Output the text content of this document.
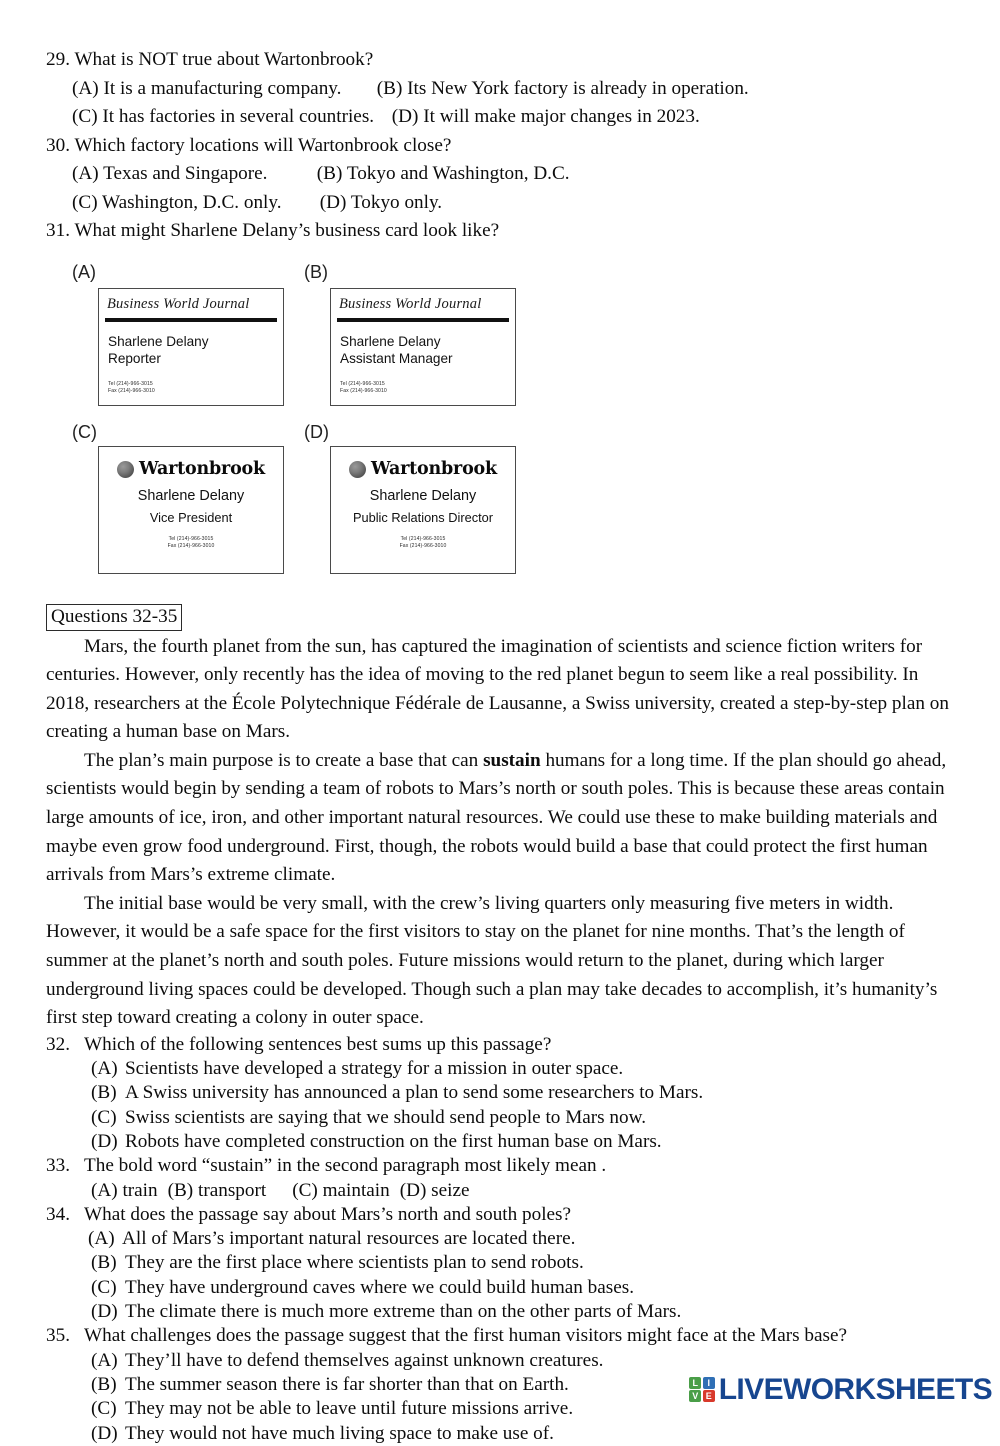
29. What is NOT true about Wartonbrook?
(A) It is a manufacturing company. (B) Its New York factory is already in operation.
(C) It has factories in several countries. (D) It will make major changes in 2023.
30. Which factory locations will Wartonbrook close?
(A) Texas and Singapore.	(B) Tokyo and Washington, D.C.
(C) Washington, D.C. only. (D) Tokyo only.
31. What might Sharlene Delany’s business card look like?
(A)
Business World Journal
Sharlene Delany
Reporter
Tel (214)-966-3015
Fax (214)-966-3010
(B)
Business World Journal
Sharlene Delany
Assistant Manager
Tel (214)-966-3015
Fax (214)-966-3010
(C)
Wartonbrook
Sharlene Delany
Vice President
Tel (214)-966-3015
Fax (214)-966-3010
(D)
Wartonbrook
Sharlene Delany
Public Relations Director
Tel (214)-966-3015
Fax (214)-966-3010
Questions 32-35

Mars, the fourth planet from the sun, has captured the imagination of scientists and science fiction writers for centuries. However, only recently has the idea of moving to the red planet begun to seem like a real possibility. In 2018, researchers at the École Polytechnique Fédérale de Lausanne, a Swiss university, created a step-by-step plan on creating a human base on Mars.

The plan’s main purpose is to create a base that can sustain humans for a long time. If the plan should go ahead, scientists would begin by sending a team of robots to Mars’s north or south poles. This is because these areas contain large amounts of ice, iron, and other important natural resources. We could use these to make building materials and maybe even grow food underground. First, though, the robots would build a base that could protect the first human arrivals from Mars’s extreme climate.

The initial base would be very small, with the crew’s living quarters only measuring five meters in width. However, it would be a safe space for the first visitors to stay on the planet for nine months. That’s the length of summer at the planet’s north and south poles. Future missions would return to the planet, during which larger underground living spaces could be developed. Though such a plan may take decades to accomplish, it’s humanity’s first step toward creating a colony in outer space.

32. Which of the following sentences best sums up this passage?
(A) Scientists have developed a strategy for a mission in outer space.
(B) A Swiss university has announced a plan to send some researchers to Mars.
(C) Swiss scientists are saying that we should send people to Mars now.
(D) Robots have completed construction on the first human base on Mars.
33. The bold word “sustain” in the second paragraph most likely mean .
(A) train (B) transport (C) maintain (D) seize
34. What does the passage say about Mars’s north and south poles?
(A) All of Mars’s important natural resources are located there.
(B) They are the first place where scientists plan to send robots.
(C) They have underground caves where we could build human bases.
(D) The climate there is much more extreme than on the other parts of Mars.
35. What challenges does the passage suggest that the first human visitors might face at the Mars base?
(A) They’ll have to defend themselves against unknown creatures.
(B) The summer season there is far shorter than that on Earth.
(C) They may not be able to leave until future missions arrive.
(D) They would not have much living space to make use of.
L	I
V E LIVEWORKSHEETS
